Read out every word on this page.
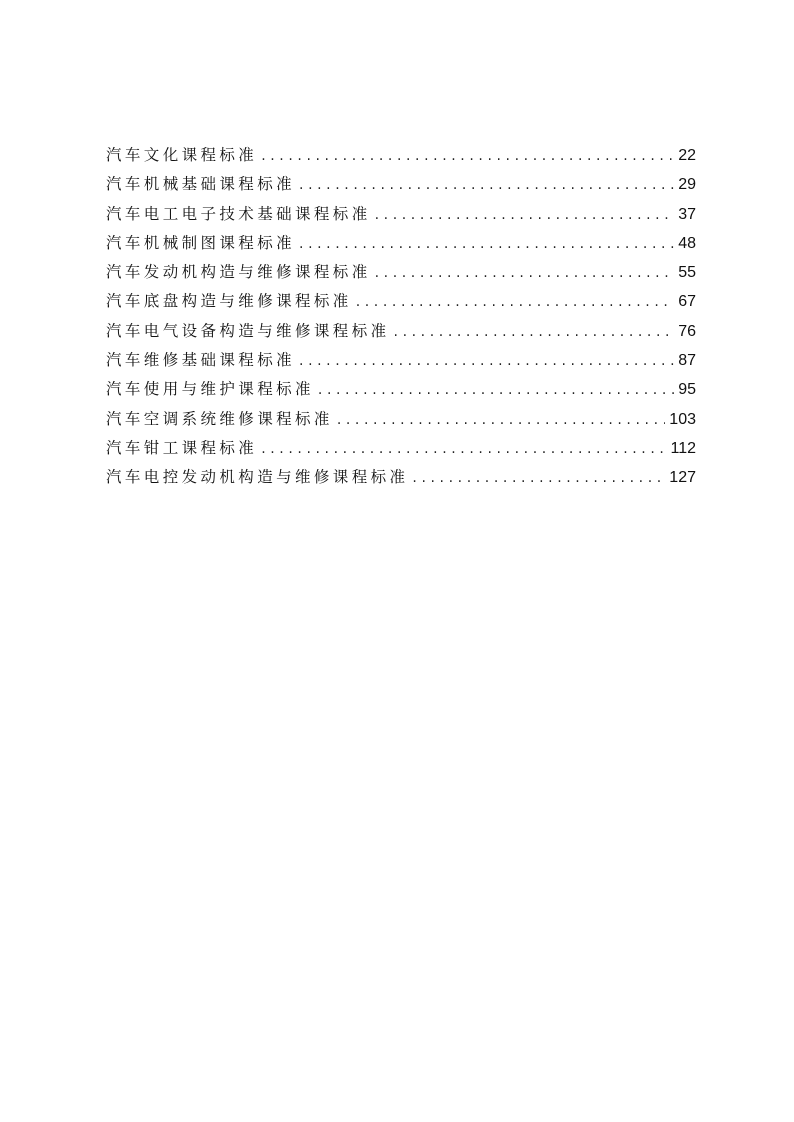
汽车文化课程标准 .....	22
汽车机械基础课程标准 .....	29
汽车电工电子技术基础课程标准 .....	37
汽车机械制图课程标准 .....	48
汽车发动机构造与维修课程标准 .....	55
汽车底盘构造与维修课程标准 .....	67
汽车电气设备构造与维修课程标准 .....	76
汽车维修基础课程标准 .....	87
汽车使用与维护课程标准 .....	95
汽车空调系统维修课程标准 .....	103
汽车钳工课程标准 .....	112
汽车电控发动机构造与维修课程标准 .....	127
